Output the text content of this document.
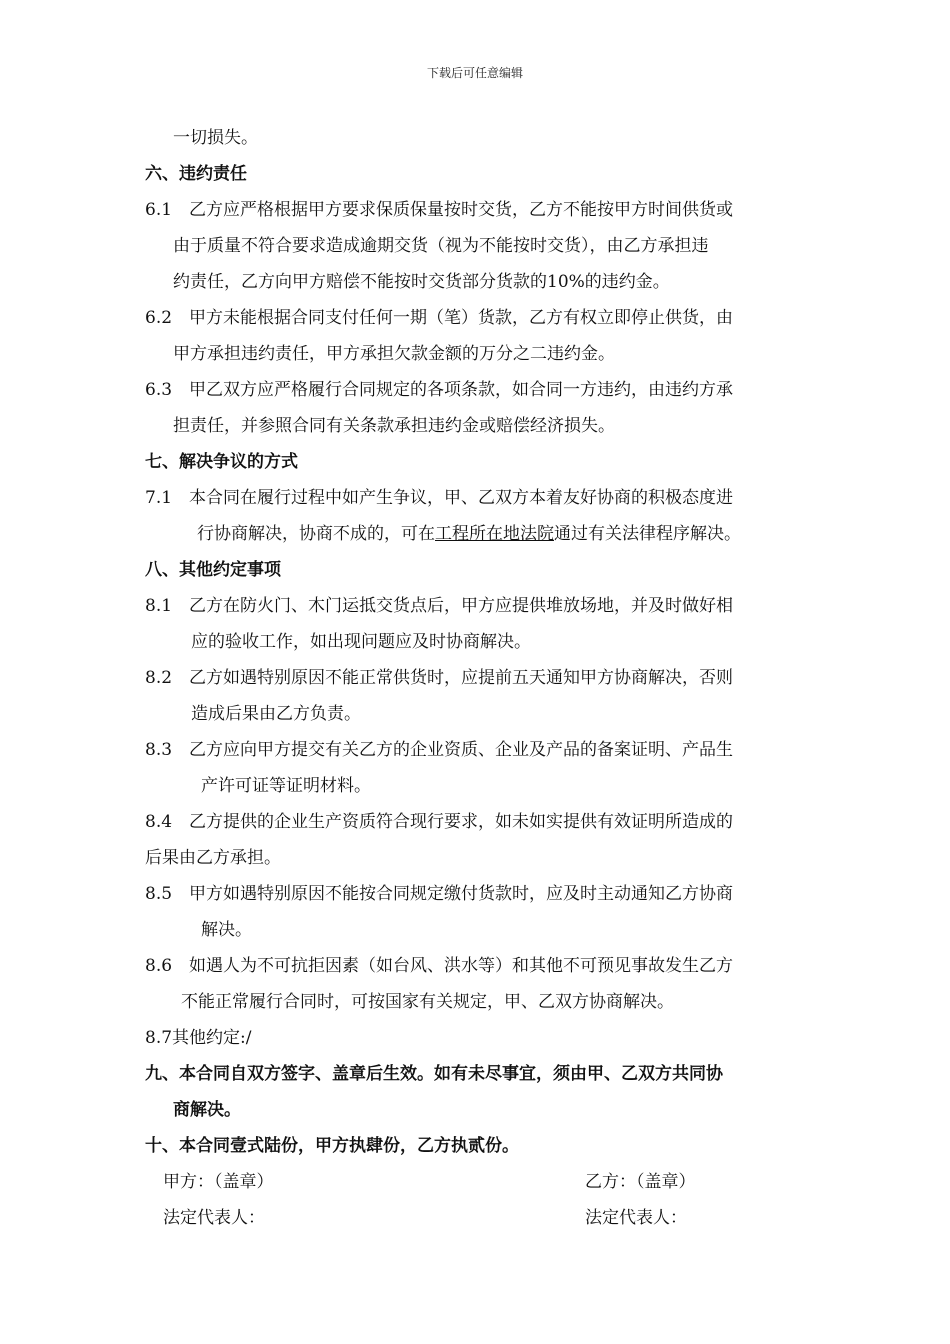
下载后可任意编辑

一切损失。

六、违约责任

6.1　乙方应严格根据甲方要求保质保量按时交货，乙方不能按甲方时间供货或

由于质量不符合要求造成逾期交货（视为不能按时交货），由乙方承担违

约责任，乙方向甲方赔偿不能按时交货部分货款的10%的违约金。

6.2　甲方未能根据合同支付任何一期（笔）货款，乙方有权立即停止供货，由

甲方承担违约责任，甲方承担欠款金额的万分之二违约金。

6.3　甲乙双方应严格履行合同规定的各项条款，如合同一方违约，由违约方承

担责任，并参照合同有关条款承担违约金或赔偿经济损失。

七、解决争议的方式

7.1　本合同在履行过程中如产生争议，甲、乙双方本着友好协商的积极态度进

行协商解决，协商不成的，可在工程所在地法院通过有关法律程序解决。

八、其他约定事项

8.1　乙方在防火门、木门运抵交货点后，甲方应提供堆放场地，并及时做好相

应的验收工作，如出现问题应及时协商解决。

8.2　乙方如遇特别原因不能正常供货时，应提前五天通知甲方协商解决，否则

造成后果由乙方负责。

8.3　乙方应向甲方提交有关乙方的企业资质、企业及产品的备案证明、产品生

产许可证等证明材料。

8.4　乙方提供的企业生产资质符合现行要求，如未如实提供有效证明所造成的

后果由乙方承担。

8.5　甲方如遇特别原因不能按合同规定缴付货款时，应及时主动通知乙方协商

解决。

8.6　如遇人为不可抗拒因素（如台风、洪水等）和其他不可预见事故发生乙方

不能正常履行合同时，可按国家有关规定，甲、乙双方协商解决。

8.7其他约定:/

九、本合同自双方签字、盖章后生效。如有未尽事宜，须由甲、乙双方共同协

商解决。

十、本合同壹式陆份，甲方执肆份，乙方执贰份。

甲方：（盖章）	乙方：（盖章）
法定代表人：	法定代表人：
